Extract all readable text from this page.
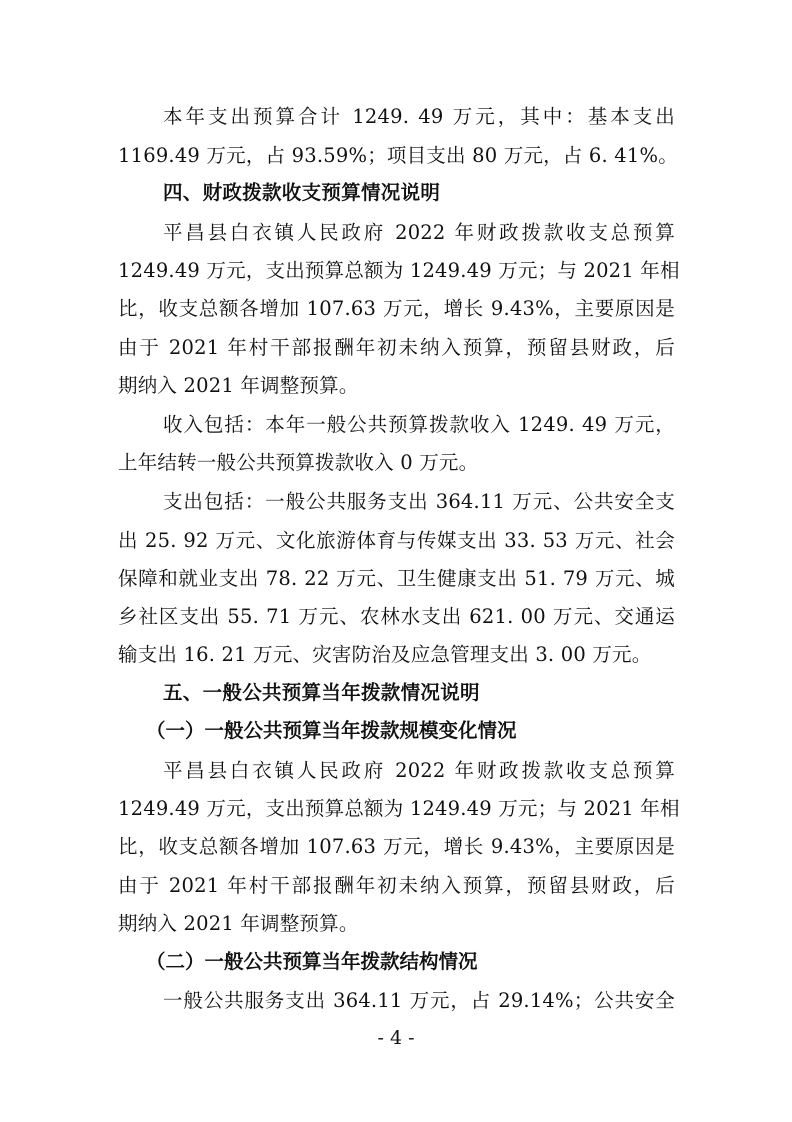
本年支出预算合计 1249. 49 万元，其中：基本支出
1169.49 万元，占 93.59%；项目支出 80 万元，占 6. 41%。
四、财政拨款收支预算情况说明
平昌县白衣镇人民政府 2022 年财政拨款收支总预算
1249.49 万元，支出预算总额为 1249.49 万元；与 2021 年相
比，收支总额各增加 107.63 万元，增长 9.43%，主要原因是
由于 2021 年村干部报酬年初未纳入预算，预留县财政，后
期纳入 2021 年调整预算。
收入包括：本年一般公共预算拨款收入 1249. 49 万元，
上年结转一般公共预算拨款收入 0 万元。
支出包括：一般公共服务支出 364.11 万元、公共安全支
出 25. 92 万元、文化旅游体育与传媒支出 33. 53 万元、社会
保障和就业支出 78. 22 万元、卫生健康支出 51. 79 万元、城
乡社区支出 55. 71 万元、农林水支出 621. 00 万元、交通运
输支出 16. 21 万元、灾害防治及应急管理支出 3. 00 万元。
五、一般公共预算当年拨款情况说明
（一）一般公共预算当年拨款规模变化情况
平昌县白衣镇人民政府 2022 年财政拨款收支总预算
1249.49 万元，支出预算总额为 1249.49 万元；与 2021 年相
比，收支总额各增加 107.63 万元，增长 9.43%，主要原因是
由于 2021 年村干部报酬年初未纳入预算，预留县财政，后
期纳入 2021 年调整预算。
（二）一般公共预算当年拨款结构情况
一般公共服务支出 364.11 万元，占 29.14%；公共安全
- 4 -
